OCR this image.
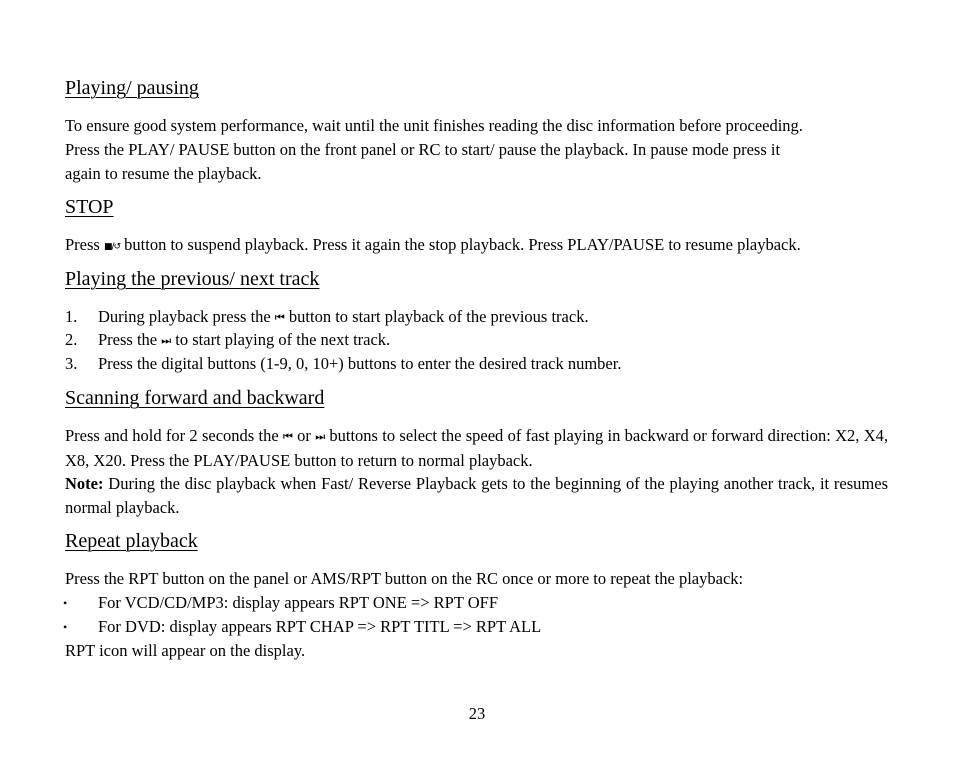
Playing/ pausing
To ensure good system performance, wait until the unit finishes reading the disc information before proceeding.
Press the PLAY/ PAUSE button on the front panel or RC to start/ pause the playback. In pause mode press it
again to resume the playback.
STOP
Press ■/↺ button to suspend playback. Press it again the stop playback. Press PLAY/PAUSE to resume playback.
Playing the previous/ next track
1.	During playback press the ⏮ button to start playback of the previous track.
2.	Press the ⏭ to start playing of the next track.
3.	Press the digital buttons (1-9, 0, 10+) buttons to enter the desired track number.
Scanning forward and backward
Press and hold for 2 seconds the ⏮ or ⏭ buttons to select the speed of fast playing in backward or forward direction: X2, X4, X8, X20. Press the PLAY/PAUSE button to return to normal playback.
Note: During the disc playback when Fast/ Reverse Playback gets to the beginning of the playing another track, it resumes normal playback.
Repeat playback
Press the RPT button on the panel or AMS/RPT button on the RC once or more to repeat the playback:
• For VCD/CD/MP3: display appears RPT ONE => RPT OFF
• For DVD: display appears RPT CHAP => RPT TITL => RPT ALL
RPT icon will appear on the display.
23
